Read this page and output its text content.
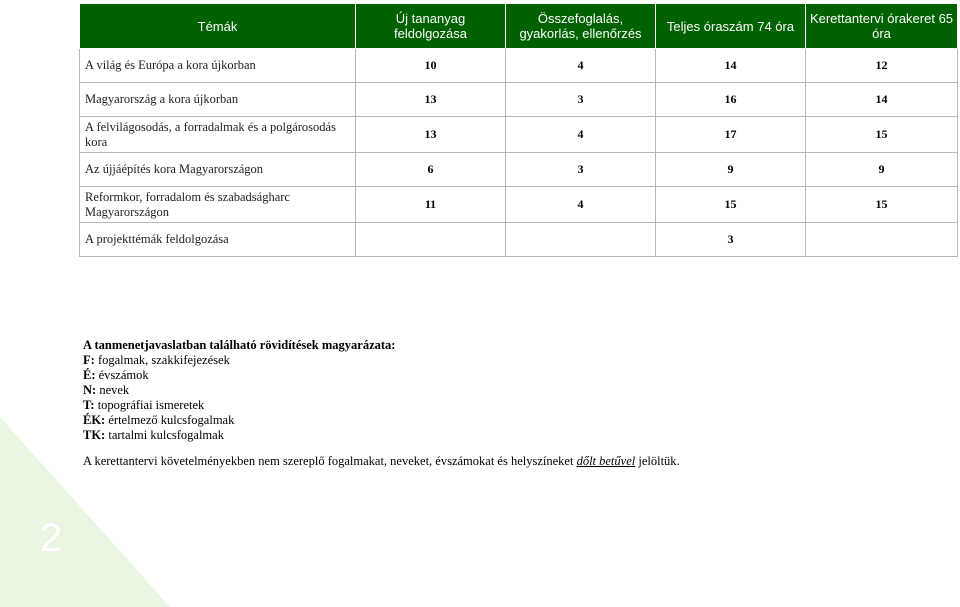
2
Témák	Új tananyag feldolgozása	Összefoglalás, gyakorlás, ellenőrzés	Teljes óraszám 74 óra	Kerettantervi órakeret 65 óra
A világ és Európa a kora újkorban	10	4	14	12
Magyarország a kora újkorban	13	3	16	14
A felvilágosodás, a forradalmak és a polgárosodás kora	13	4	17	15
Az újjáépítés kora Magyarországon	6	3	9	9
Reformkor, forradalom és szabadságharc Magyarországon	11	4	15	15
A projekttémák feldolgozása			3	
A tanmenetjavaslatban található rövidítések magyarázata:
F: fogalmak, szakkifejezések
É: évszámok
N: nevek
T: topográfiai ismeretek
ÉK: értelmező kulcsfogalmak
TK: tartalmi kulcsfogalmak
A kerettantervi követelményekben nem szereplő fogalmakat, neveket, évszámokat és helyszíneket dőlt betűvel jelöltük.
